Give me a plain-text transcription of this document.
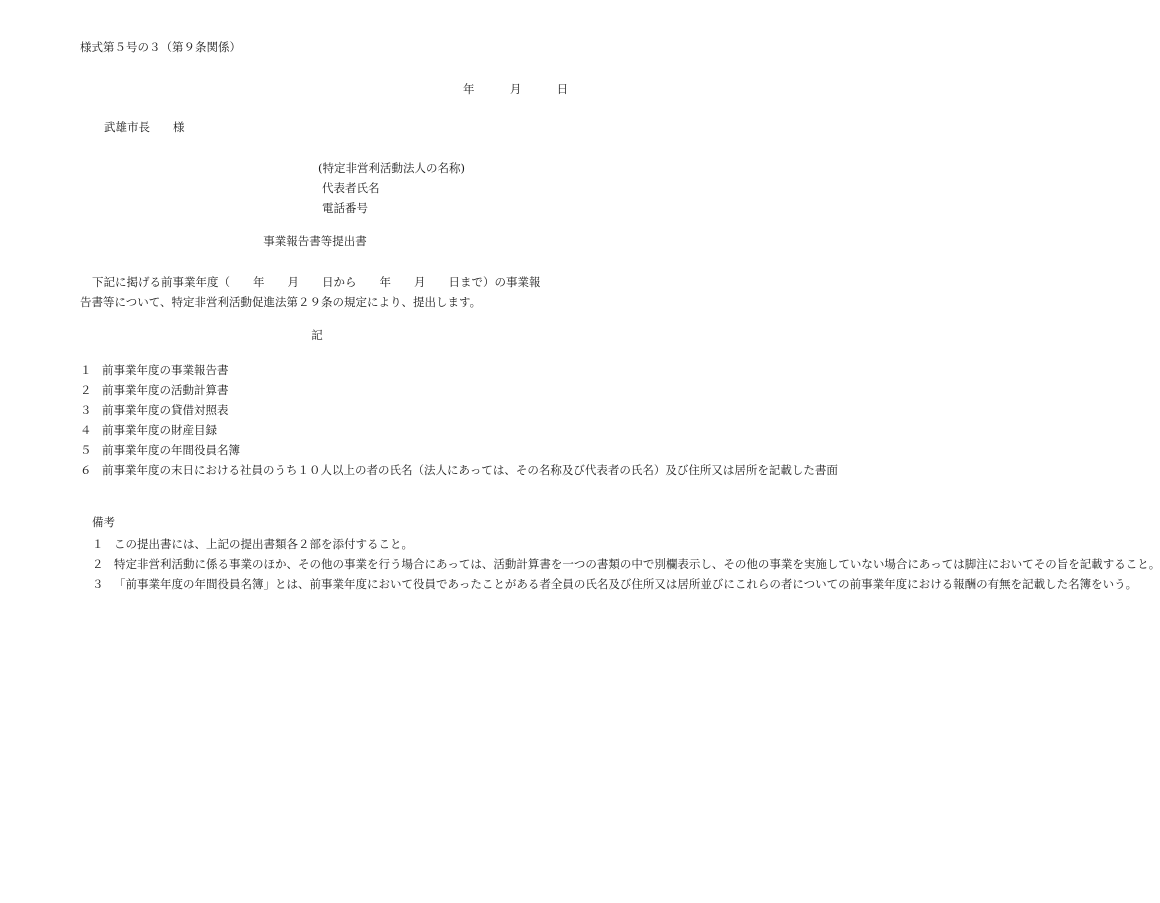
様式第５号の３（第９条関係）
年	月	日
武雄市長　　様
(特定非営利活動法人の名称)
代表者氏名
電話番号
事業報告書等提出書
下記に掲げる前事業年度（　　年　　月　　日から　　年　　月　　日まで）の事業報告書等について、特定非営利活動促進法第２９条の規定により、提出します。
記
１ 前事業年度の事業報告書
２ 前事業年度の活動計算書
３ 前事業年度の貸借対照表
４ 前事業年度の財産目録
５ 前事業年度の年間役員名簿
６ 前事業年度の末日における社員のうち１０人以上の者の氏名（法人にあっては、その名称及び代表者の氏名）及び住所又は居所を記載した書面
備考
１ この提出書には、上記の提出書類各２部を添付すること。
２ 特定非営利活動に係る事業のほか、その他の事業を行う場合にあっては、活動計算書を一つの書類の中で別欄表示し、その他の事業を実施していない場合にあっては脚注においてその旨を記載すること。
３ 「前事業年度の年間役員名簿」とは、前事業年度において役員であったことがある者全員の氏名及び住所又は居所並びにこれらの者についての前事業年度における報酬の有無を記載した名簿をいう。
